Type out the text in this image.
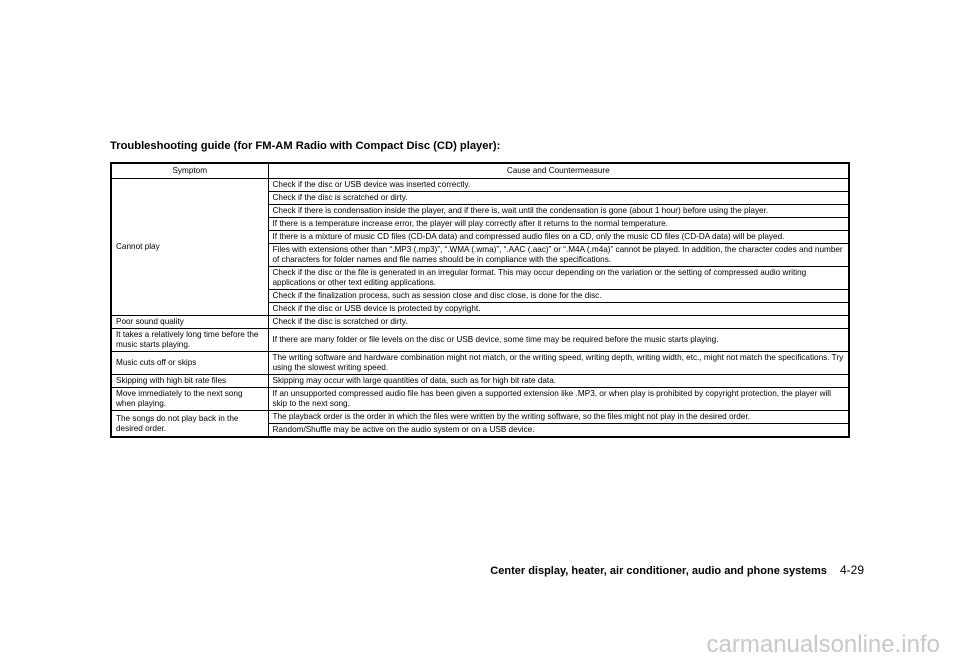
Troubleshooting guide (for FM-AM Radio with Compact Disc (CD) player):
Symptom	Cause and Countermeasure
Cannot play	Check if the disc or USB device was inserted correctly.
	Check if the disc is scratched or dirty.
	Check if there is condensation inside the player, and if there is, wait until the condensation is gone (about 1 hour) before using the player.
	If there is a temperature increase error, the player will play correctly after it returns to the normal temperature.
	If there is a mixture of music CD files (CD-DA data) and compressed audio files on a CD, only the music CD files (CD-DA data) will be played.
	Files with extensions other than “.MP3 (.mp3)”, “.WMA (.wma)”, “.AAC (.aac)” or “.M4A (.m4a)” cannot be played. In addition, the character codes and number of characters for folder names and file names should be in compliance with the specifications.
	Check if the disc or the file is generated in an irregular format. This may occur depending on the variation or the setting of compressed audio writing applications or other text editing applications.
	Check if the finalization process, such as session close and disc close, is done for the disc.
	Check if the disc or USB device is protected by copyright.
Poor sound quality	Check if the disc is scratched or dirty.
It takes a relatively long time before the music starts playing.	If there are many folder or file levels on the disc or USB device, some time may be required before the music starts playing.
Music cuts off or skips	The writing software and hardware combination might not match, or the writing speed, writing depth, writing width, etc., might not match the specifications. Try using the slowest writing speed.
Skipping with high bit rate files	Skipping may occur with large quantities of data, such as for high bit rate data.
Move immediately to the next song when playing.	If an unsupported compressed audio file has been given a supported extension like .MP3, or when play is prohibited by copyright protection, the player will skip to the next song.
The songs do not play back in the desired order.	The playback order is the order in which the files were written by the writing software, so the files might not play in the desired order.
	Random/Shuffle may be active on the audio system or on a USB device.
Center display, heater, air conditioner, audio and phone systems 4-29
carmanualsonline.info
